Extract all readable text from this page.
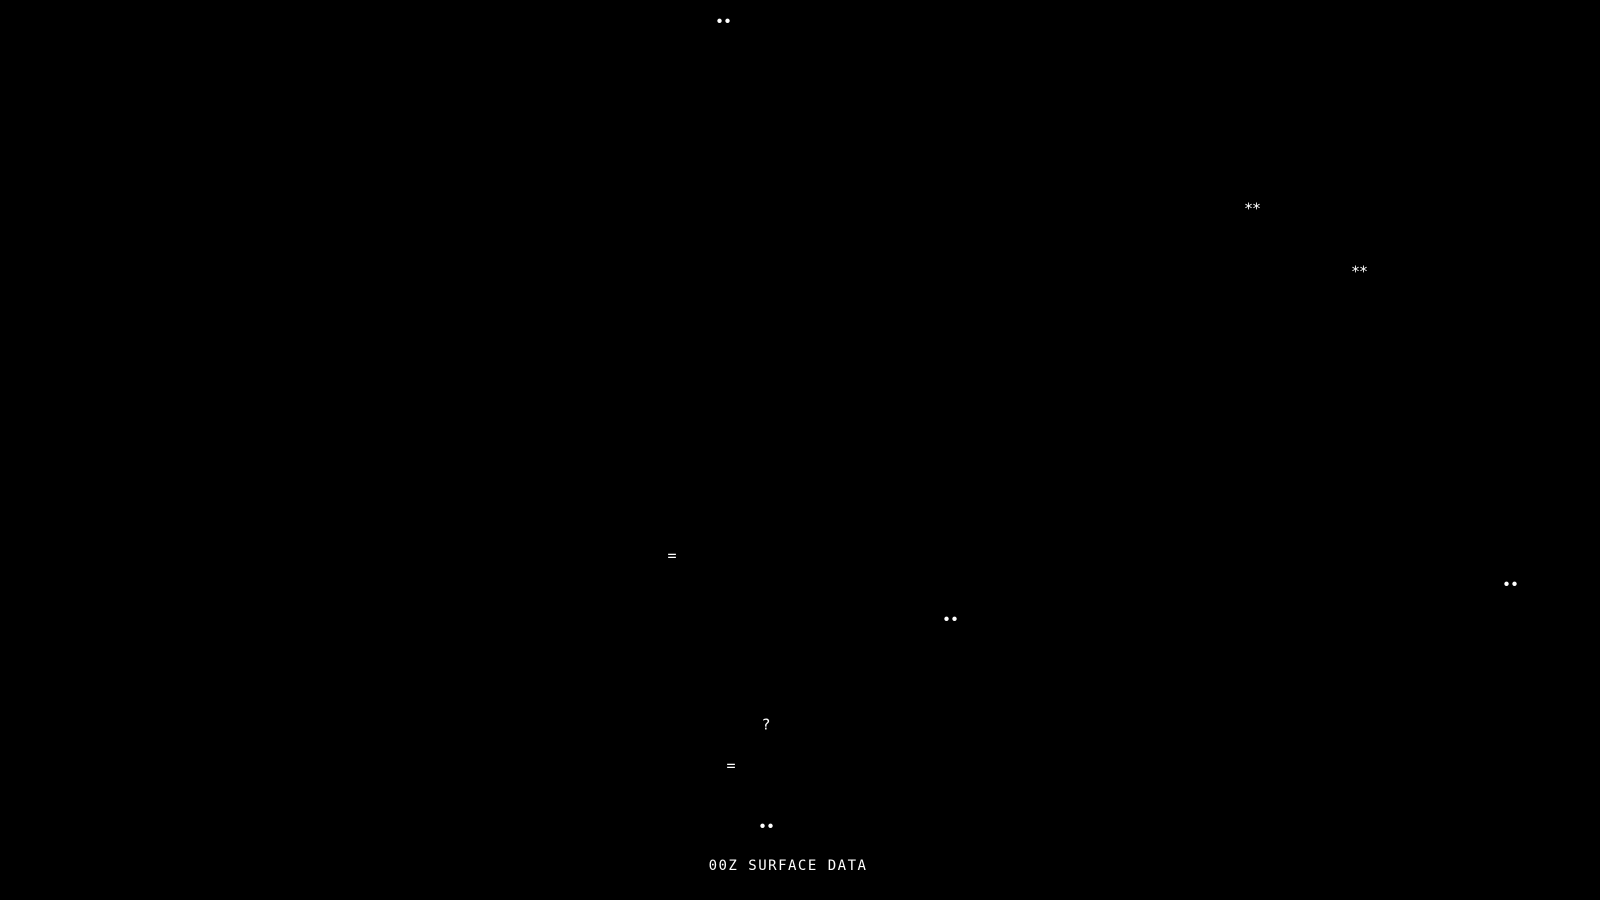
••
**
**
=
••
••
?
=
••
00Z SURFACE DATA
